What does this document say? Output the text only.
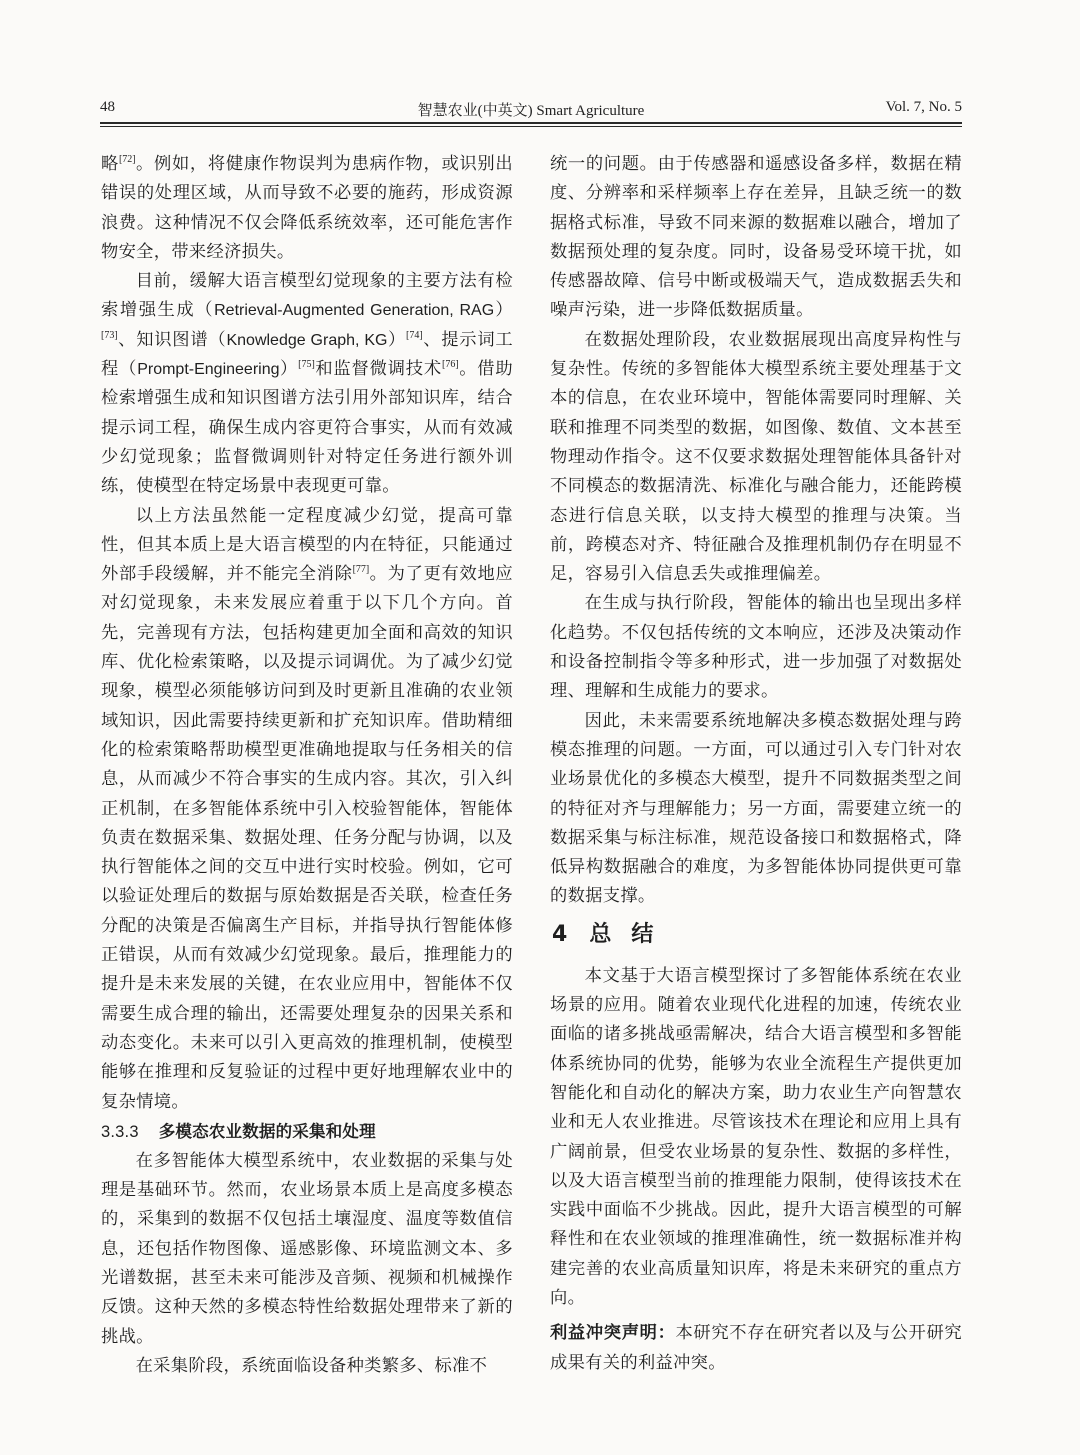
48	智慧农业(中英文) Smart Agriculture	Vol. 7, No. 5

略[72]。例如，将健康作物误判为患病作物，或识别出错误的处理区域，从而导致不必要的施药，形成资源浪费。这种情况不仅会降低系统效率，还可能危害作物安全，带来经济损失。

目前，缓解大语言模型幻觉现象的主要方法有检索增强生成（Retrieval-Augmented Generation, RAG）[73]、知识图谱（Knowledge Graph, KG）[74]、提示词工程（Prompt-Engineering）[75]和监督微调技术[76]。借助检索增强生成和知识图谱方法引用外部知识库，结合提示词工程，确保生成内容更符合事实，从而有效减少幻觉现象；监督微调则针对特定任务进行额外训练，使模型在特定场景中表现更可靠。

以上方法虽然能一定程度减少幻觉，提高可靠性，但其本质上是大语言模型的内在特征，只能通过外部手段缓解，并不能完全消除[77]。为了更有效地应对幻觉现象，未来发展应着重于以下几个方向。首先，完善现有方法，包括构建更加全面和高效的知识库、优化检索策略，以及提示词调优。为了减少幻觉现象，模型必须能够访问到及时更新且准确的农业领域知识，因此需要持续更新和扩充知识库。借助精细化的检索策略帮助模型更准确地提取与任务相关的信息，从而减少不符合事实的生成内容。其次，引入纠正机制，在多智能体系统中引入校验智能体，智能体负责在数据采集、数据处理、任务分配与协调，以及执行智能体之间的交互中进行实时校验。例如，它可以验证处理后的数据与原始数据是否关联，检查任务分配的决策是否偏离生产目标，并指导执行智能体修正错误，从而有效减少幻觉现象。最后，推理能力的提升是未来发展的关键，在农业应用中，智能体不仅需要生成合理的输出，还需要处理复杂的因果关系和动态变化。未来可以引入更高效的推理机制，使模型能够在推理和反复验证的过程中更好地理解农业中的复杂情境。

3.3.3 多模态农业数据的采集和处理

在多智能体大模型系统中，农业数据的采集与处理是基础环节。然而，农业场景本质上是高度多模态的，采集到的数据不仅包括土壤湿度、温度等数值信息，还包括作物图像、遥感影像、环境监测文本、多光谱数据，甚至未来可能涉及音频、视频和机械操作反馈。这种天然的多模态特性给数据处理带来了新的挑战。

在采集阶段，系统面临设备种类繁多、标准不

统一的问题。由于传感器和遥感设备多样，数据在精度、分辨率和采样频率上存在差异，且缺乏统一的数据格式标准，导致不同来源的数据难以融合，增加了数据预处理的复杂度。同时，设备易受环境干扰，如传感器故障、信号中断或极端天气，造成数据丢失和噪声污染，进一步降低数据质量。

在数据处理阶段，农业数据展现出高度异构性与复杂性。传统的多智能体大模型系统主要处理基于文本的信息，在农业环境中，智能体需要同时理解、关联和推理不同类型的数据，如图像、数值、文本甚至物理动作指令。这不仅要求数据处理智能体具备针对不同模态的数据清洗、标准化与融合能力，还能跨模态进行信息关联，以支持大模型的推理与决策。当前，跨模态对齐、特征融合及推理机制仍存在明显不足，容易引入信息丢失或推理偏差。

在生成与执行阶段，智能体的输出也呈现出多样化趋势。不仅包括传统的文本响应，还涉及决策动作和设备控制指令等多种形式，进一步加强了对数据处理、理解和生成能力的要求。

因此，未来需要系统地解决多模态数据处理与跨模态推理的问题。一方面，可以通过引入专门针对农业场景优化的多模态大模型，提升不同数据类型之间的特征对齐与理解能力；另一方面，需要建立统一的数据采集与标注标准，规范设备接口和数据格式，降低异构数据融合的难度，为多智能体协同提供更可靠的数据支撑。

4 总结

本文基于大语言模型探讨了多智能体系统在农业场景的应用。随着农业现代化进程的加速，传统农业面临的诸多挑战亟需解决，结合大语言模型和多智能体系统协同的优势，能够为农业全流程生产提供更加智能化和自动化的解决方案，助力农业生产向智慧农业和无人农业推进。尽管该技术在理论和应用上具有广阔前景，但受农业场景的复杂性、数据的多样性，以及大语言模型当前的推理能力限制，使得该技术在实践中面临不少挑战。因此，提升大语言模型的可解释性和在农业领域的推理准确性，统一数据标准并构建完善的农业高质量知识库，将是未来研究的重点方向。

利益冲突声明：本研究不存在研究者以及与公开研究成果有关的利益冲突。
